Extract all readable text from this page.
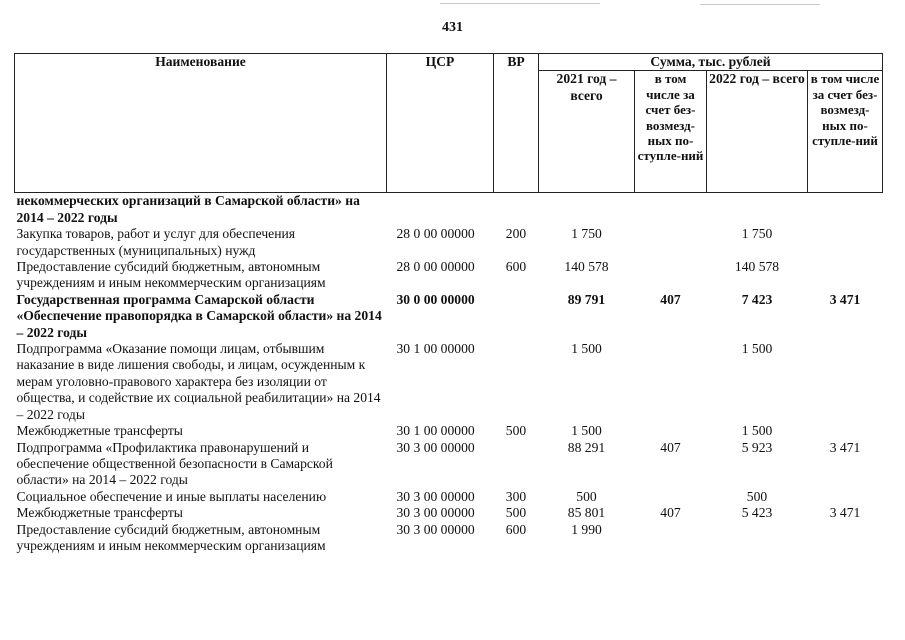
431
Наименование	ЦСР	ВР	Сумма, тыс. рублей			
			2021 год – всего	в том числе за счет без-возмезд-ных по-ступле-ний	2022 год – всего	в том числе за счет без-возмезд-ных по-ступле-ний
некоммерческих организаций в Самарской области» на 2014 – 2022 годы						
Закупка товаров, работ и услуг для обеспечения государственных (муниципальных) нужд	28 0 00 00000	200	1 750		1 750	
Предоставление субсидий бюджетным, автономным учреждениям и иным некоммерческим организациям	28 0 00 00000	600	140 578		140 578	
Государственная программа Самарской области «Обеспечение правопорядка в Самарской области» на 2014 – 2022 годы	30 0 00 00000		89 791	407	7 423	3 471
Подпрограмма «Оказание помощи лицам, отбывшим наказание в виде лишения свободы, и лицам, осужденным к мерам уголовно-правового характера без изоляции от общества, и содействие их социальной реабилитации» на 2014 – 2022 годы	30 1 00 00000		1 500		1 500	
Межбюджетные трансферты	30 1 00 00000	500	1 500		1 500	
Подпрограмма «Профилактика правонарушений и обеспечение общественной безопасности в Самарской области» на 2014 – 2022 годы	30 3 00 00000		88 291	407	5 923	3 471
Социальное обеспечение и иные выплаты населению	30 3 00 00000	300	500		500	
Межбюджетные трансферты	30 3 00 00000	500	85 801	407	5 423	3 471
Предоставление субсидий бюджетным, автономным учреждениям и иным некоммерческим организациям	30 3 00 00000	600	1 990			
